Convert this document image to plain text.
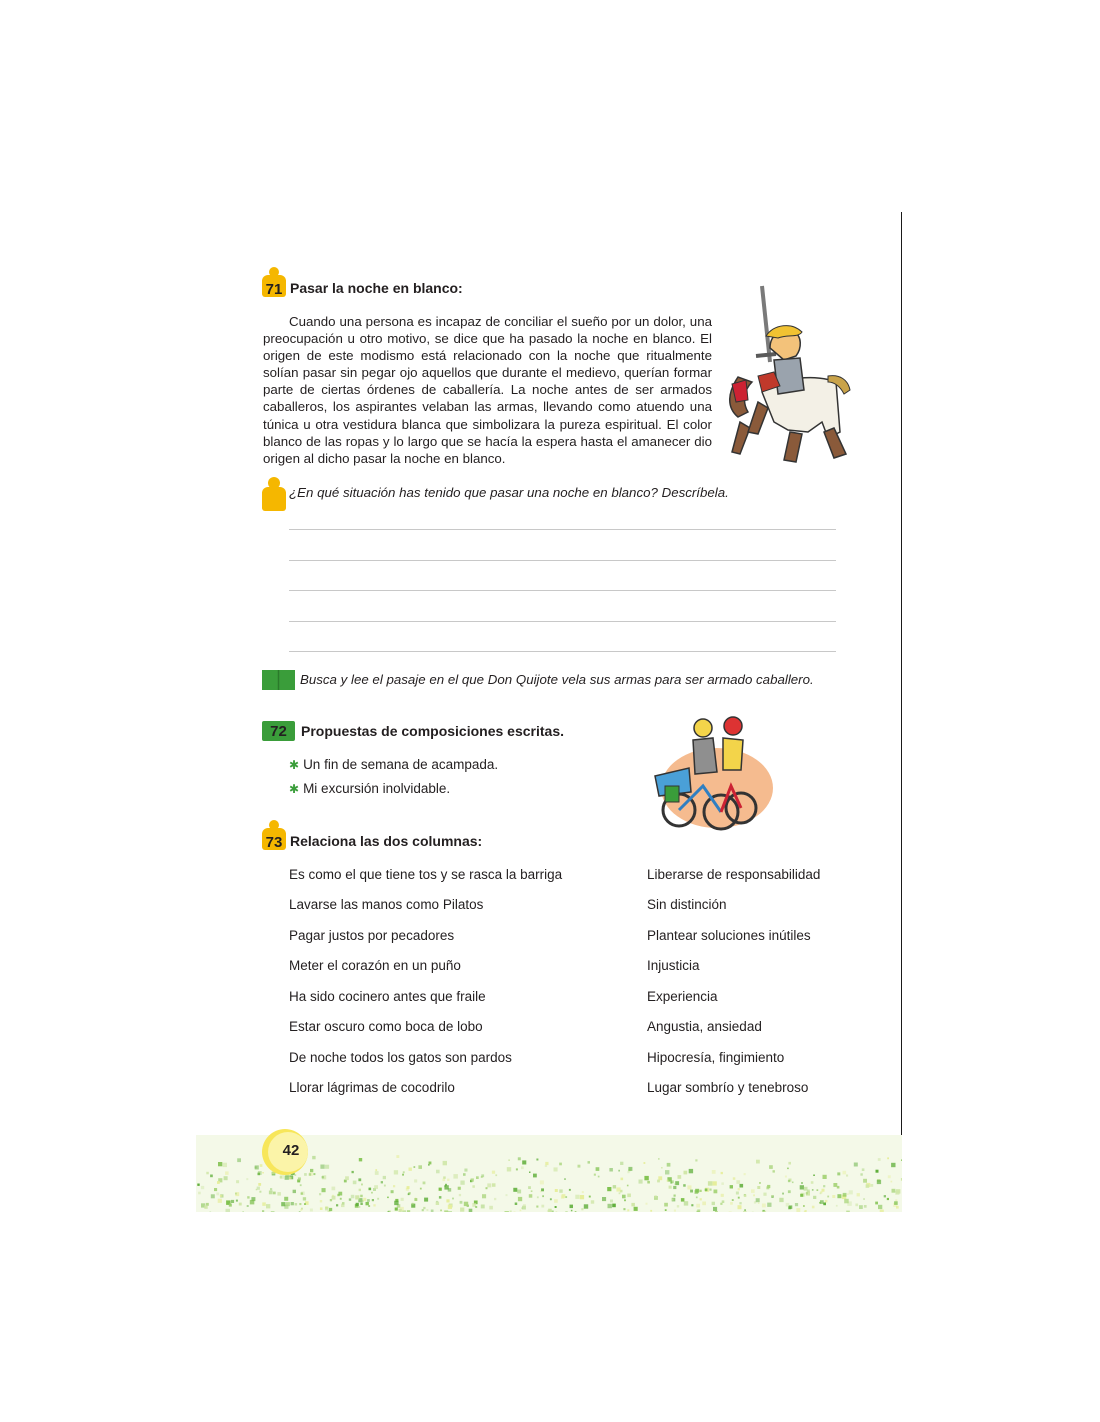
71 Pasar la noche en blanco:
Cuando una persona es incapaz de conciliar el sueño por un dolor, una preocupación u otro motivo, se dice que ha pasado la noche en blanco. El origen de este modismo está relacionado con la noche que ritualmente solían pasar sin pegar ojo aquellos que durante el medievo, querían formar parte de ciertas órdenes de caballería. La noche antes de ser armados caballeros, los aspirantes velaban las armas, llevando como atuendo una túnica u otra vestidura blanca que simbolizara la pureza espiritual. El color blanco de las ropas y lo largo que se hacía la espera hasta el amanecer dio origen al dicho pasar la noche en blanco.
¿En qué situación has tenido que pasar una noche en blanco? Descríbela.
Busca y lee el pasaje en el que Don Quijote vela sus armas para ser armado caballero.
72 Propuestas de composiciones escritas.
✱ Un fin de semana de acampada.
✱ Mi excursión inolvidable.
73 Relaciona las dos columnas:
Es como el que tiene tos y se rasca la barriga
Lavarse las manos como Pilatos
Pagar justos por pecadores
Meter el corazón en un puño
Ha sido cocinero antes que fraile
Estar oscuro como boca de lobo
De noche todos los gatos son pardos
Llorar lágrimas de cocodrilo
Liberarse de responsabilidad
Sin distinción
Plantear soluciones inútiles
Injusticia
Experiencia
Angustia, ansiedad
Hipocresía, fingimiento
Lugar sombrío y tenebroso
42
